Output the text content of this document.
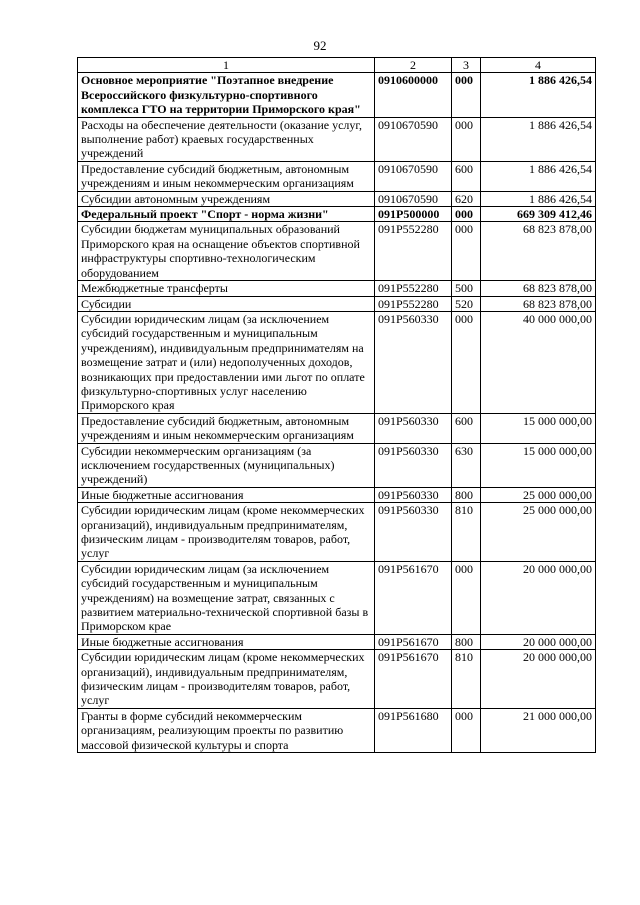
92
1	2	3	4
Основное мероприятие "Поэтапное внедрение Всероссийского физкультурно-спортивного комплекса ГТО на территории Приморского края"	0910600000	000	1 886 426,54
Расходы на обеспечение деятельности (оказание услуг, выполнение работ) краевых государственных учреждений	0910670590	000	1 886 426,54
Предоставление субсидий бюджетным, автономным учреждениям и иным некоммерческим организациям	0910670590	600	1 886 426,54
Субсидии автономным учреждениям	0910670590	620	1 886 426,54
Федеральный проект "Спорт - норма жизни"	091P500000	000	669 309 412,46
Субсидии бюджетам муниципальных образований Приморского края на оснащение объектов спортивной инфраструктуры спортивно-технологическим оборудованием	091P552280	000	68 823 878,00
Межбюджетные трансферты	091P552280	500	68 823 878,00
Субсидии	091P552280	520	68 823 878,00
Субсидии юридическим лицам (за исключением субсидий государственным и муниципальным учреждениям), индивидуальным предпринимателям на возмещение затрат и (или) недополученных доходов, возникающих при предоставлении ими льгот по оплате физкультурно-спортивных услуг населению Приморского края	091P560330	000	40 000 000,00
Предоставление субсидий бюджетным, автономным учреждениям и иным некоммерческим организациям	091P560330	600	15 000 000,00
Субсидии некоммерческим организациям (за исключением государственных (муниципальных) учреждений)	091P560330	630	15 000 000,00
Иные бюджетные ассигнования	091P560330	800	25 000 000,00
Субсидии юридическим лицам (кроме некоммерческих организаций), индивидуальным предпринимателям, физическим лицам - производителям товаров, работ, услуг	091P560330	810	25 000 000,00
Субсидии юридическим лицам (за исключением субсидий государственным и муниципальным учреждениям) на возмещение затрат, связанных с развитием материально-технической спортивной базы в Приморском крае	091P561670	000	20 000 000,00
Иные бюджетные ассигнования	091P561670	800	20 000 000,00
Субсидии юридическим лицам (кроме некоммерческих организаций), индивидуальным предпринимателям, физическим лицам - производителям товаров, работ, услуг	091P561670	810	20 000 000,00
Гранты в форме субсидий некоммерческим организациям, реализующим проекты по развитию массовой физической культуры и спорта	091P561680	000	21 000 000,00
